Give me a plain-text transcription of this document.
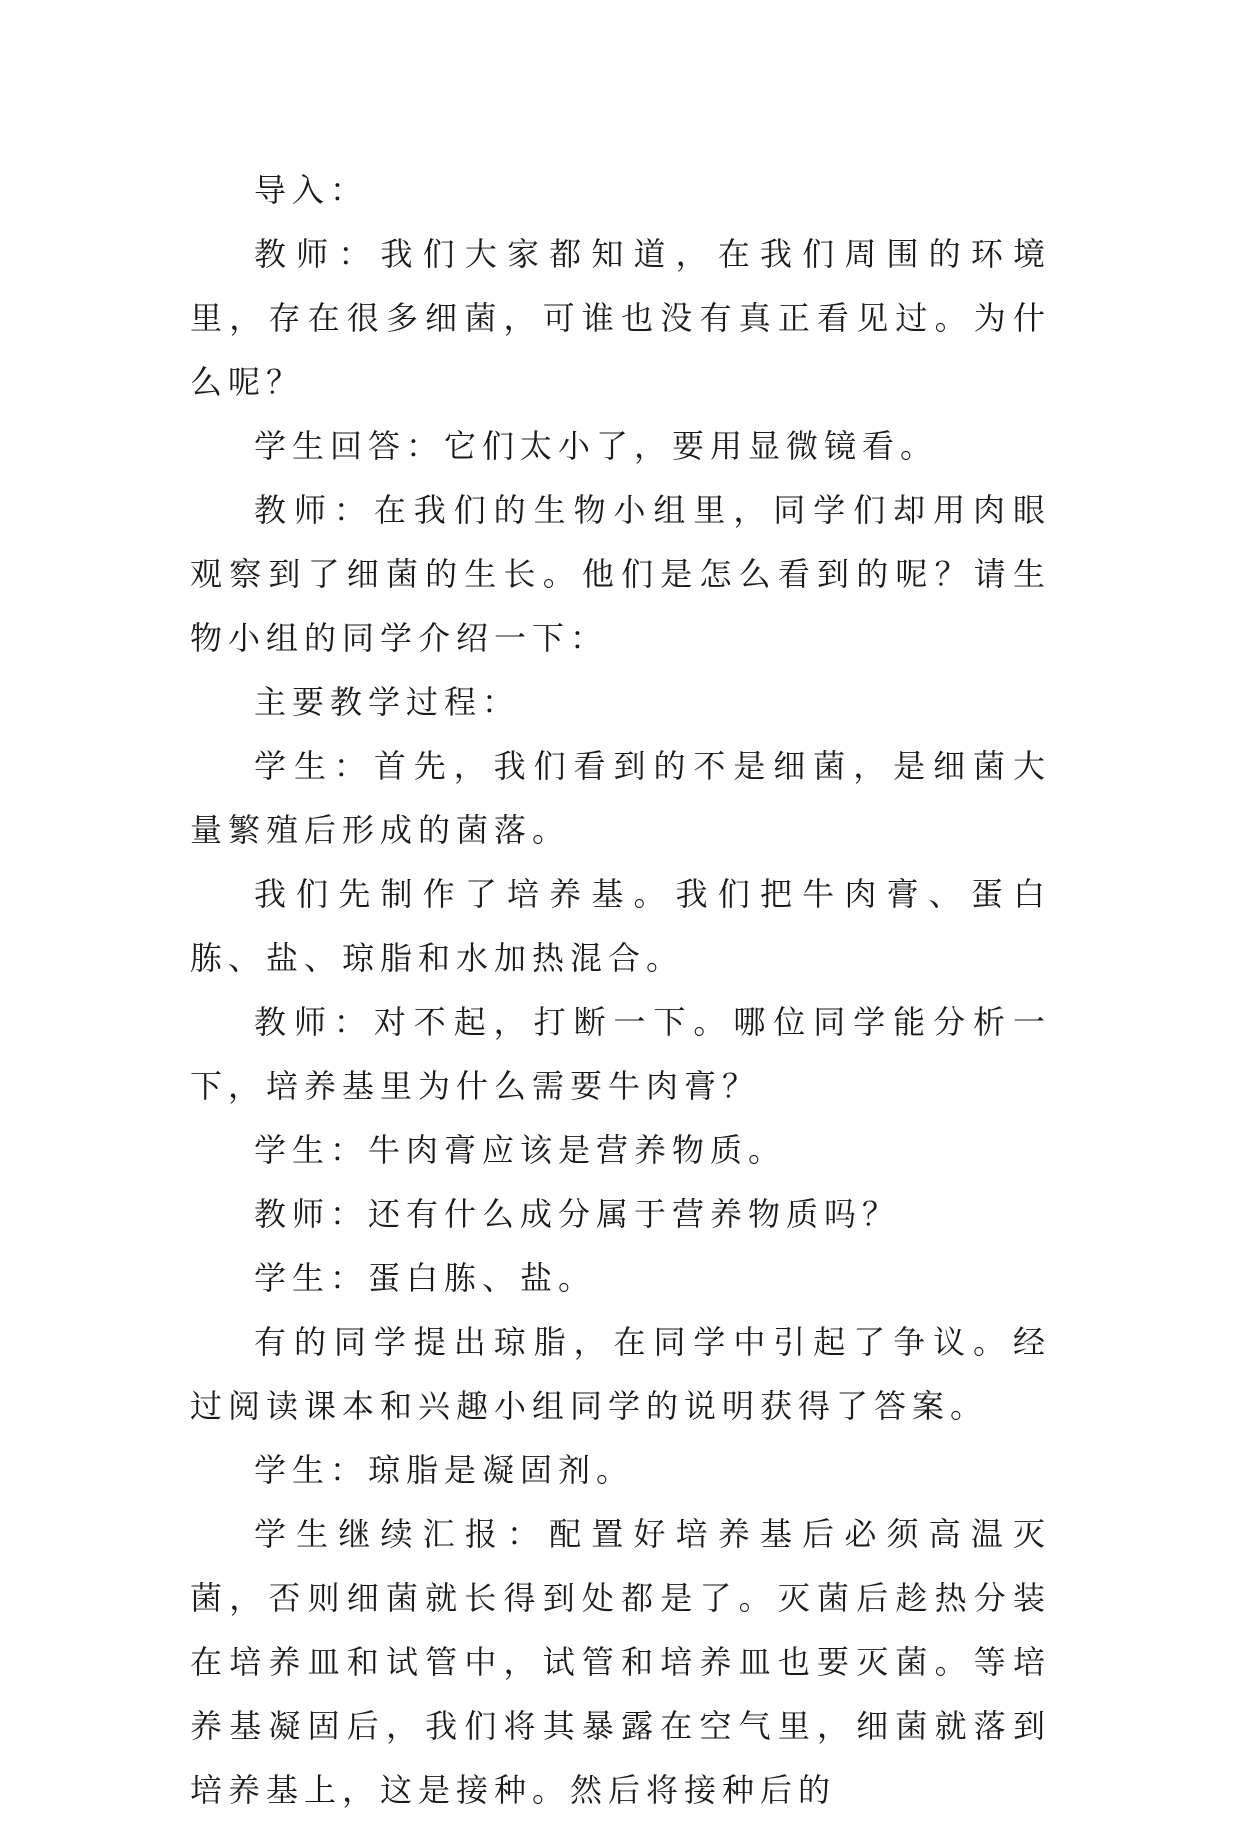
导入：

教师：我们大家都知道，在我们周围的环境里，存在很多细菌，可谁也没有真正看见过。为什么呢？

学生回答：它们太小了，要用显微镜看。

教师：在我们的生物小组里，同学们却用肉眼观察到了细菌的生长。他们是怎么看到的呢？请生物小组的同学介绍一下：

主要教学过程：

学生：首先，我们看到的不是细菌，是细菌大量繁殖后形成的菌落。

我们先制作了培养基。我们把牛肉膏、蛋白胨、盐、琼脂和水加热混合。

教师：对不起，打断一下。哪位同学能分析一下，培养基里为什么需要牛肉膏？

学生：牛肉膏应该是营养物质。

教师：还有什么成分属于营养物质吗？

学生：蛋白胨、盐。

有的同学提出琼脂，在同学中引起了争议。经过阅读课本和兴趣小组同学的说明获得了答案。

学生：琼脂是凝固剂。

学生继续汇报：配置好培养基后必须高温灭菌，否则细菌就长得到处都是了。灭菌后趁热分装在培养皿和试管中，试管和培养皿也要灭菌。等培养基凝固后，我们将其暴露在空气里，细菌就落到培养基上，这是接种。然后将接种后的
